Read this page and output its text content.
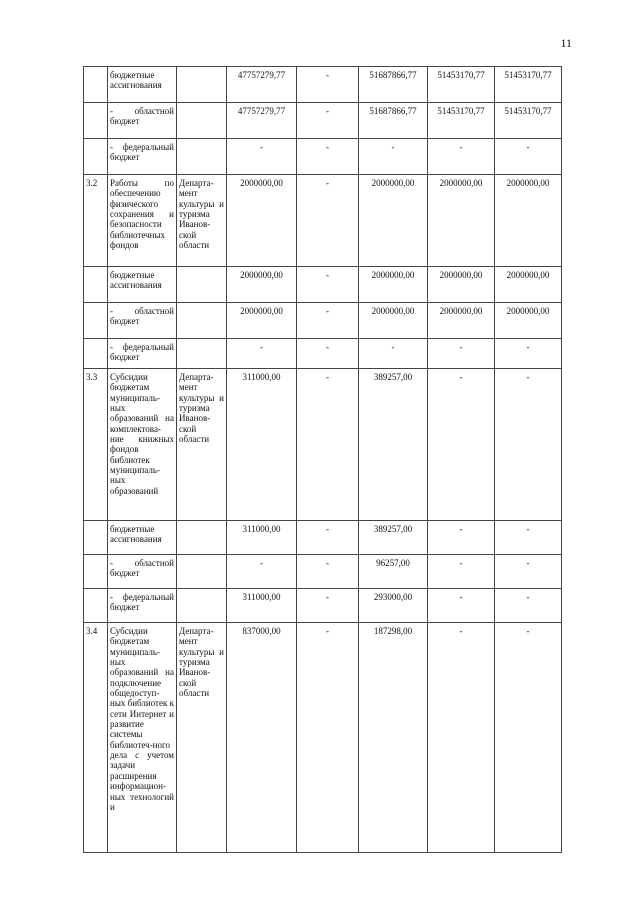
11
	бюджетные ассигнования		47757279,77	-	51687866,77	51453170,77	51453170,77
	- областной бюджет		47757279,77	-	51687866,77	51453170,77	51453170,77
	- федеральный бюджет		-	-	-	-	-
3.2	Работы по обеспечению физического сохранения и безопасности библиотечных фондов	Департа-мент культуры и туризма Иванов-ской области	2000000,00	-	2000000,00	2000000,00	2000000,00
	бюджетные ассигнования		2000000,00	-	2000000,00	2000000,00	2000000,00
	- областной бюджет		2000000,00	-	2000000,00	2000000,00	2000000,00
	- федеральный бюджет		-	-	-	-	-
3.3	Субсидии бюджетам муниципаль-ных образований на комплектова-ние книжных фондов библиотек муниципаль-ных образований	Департа-мент культуры и туризма Иванов-ской области	311000,00	-	389257,00	-	-
	бюджетные ассигнования		311000,00	-	389257,00	-	-
	- областной бюджет		-	-	96257,00	-	-
	- федеральный бюджет		311000,00	-	293000,00	-	-
3.4	Субсидии бюджетам муниципаль-ных образований на подключение общедоступ-ных библиотек к сети Интернет и развитие системы библиотеч-ного дела с учетом задачи расширения информацион-ных технологий и	Департа-мент культуры и туризма Иванов-ской области	837000,00	-	187298,00	-	-
